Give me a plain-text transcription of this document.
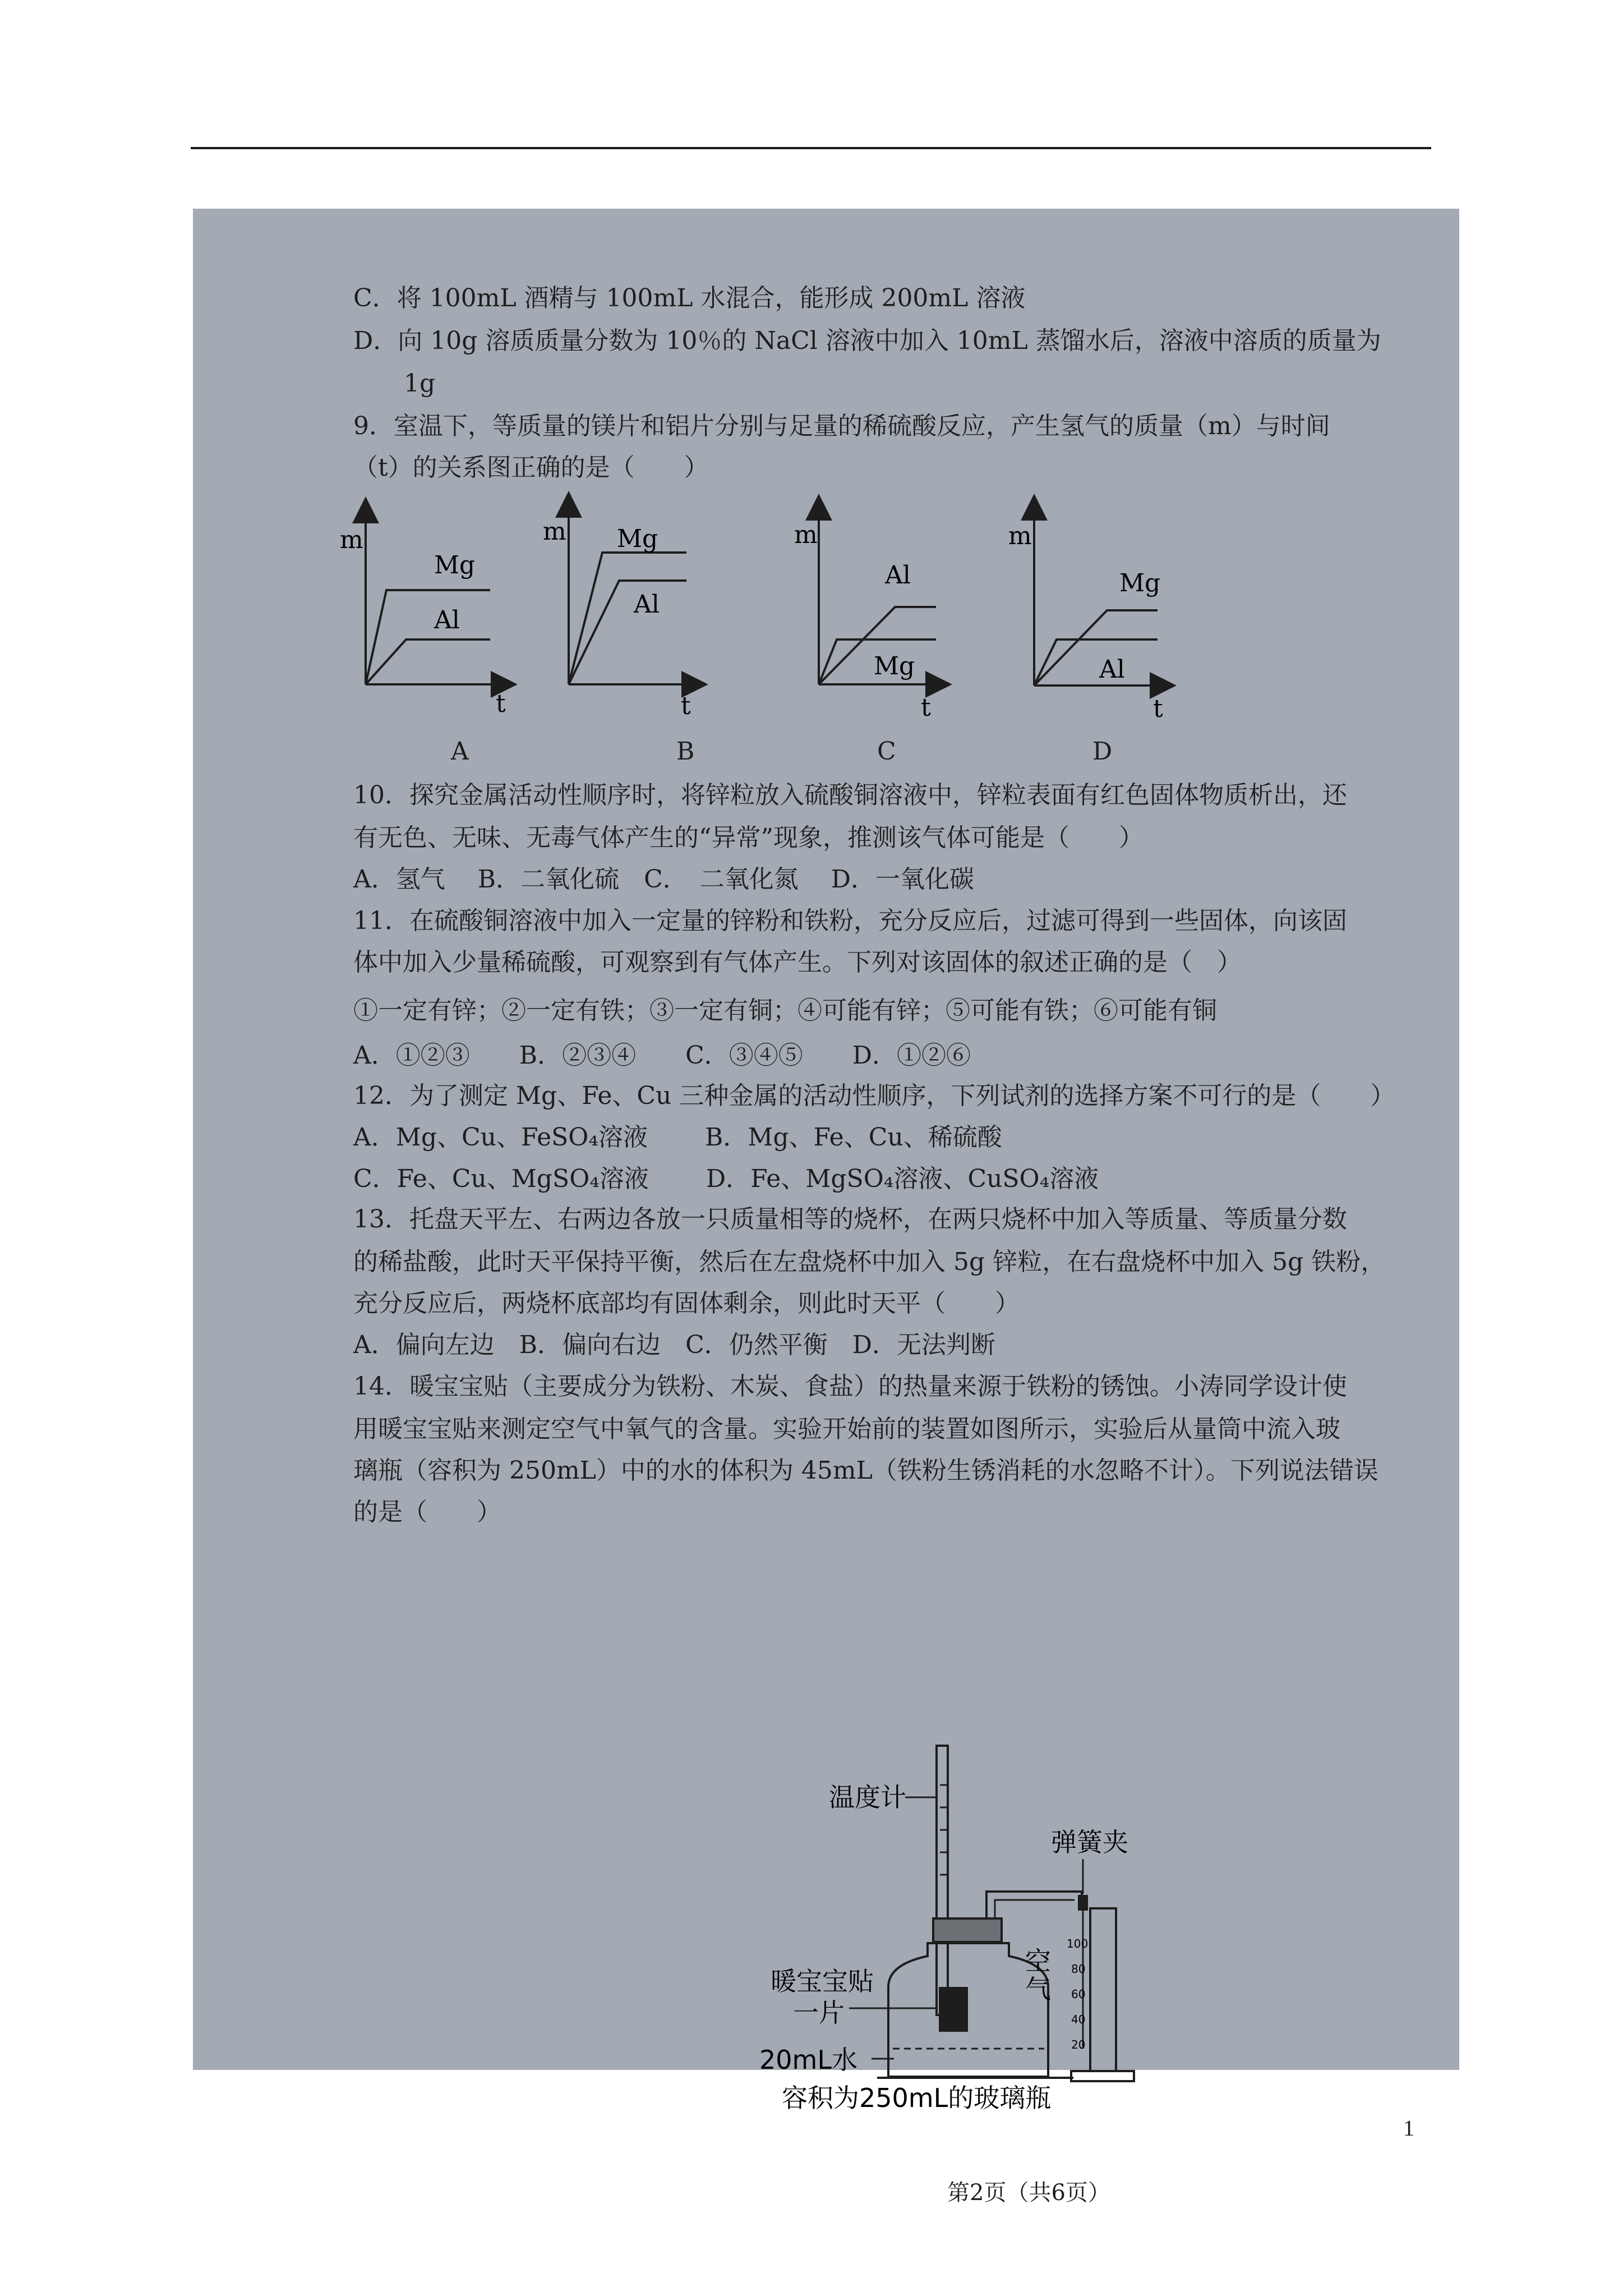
C．将 100mL 酒精与 100mL 水混合，能形成 200mL 溶液
D．向 10g 溶质质量分数为 10％的 NaCl 溶液中加入 10mL 蒸馏水后，溶液中溶质的质量为
1g
9．室温下，等质量的镁片和铝片分别与足量的稀硫酸反应，产生氢气的质量（m）与时间
（t）的关系图正确的是（　　）
m
t
Mg
Al
A
m
t
Mg
Al
B
m
t
Al
Mg
C
m
t
Mg
Al
D
10．探究金属活动性顺序时，将锌粒放入硫酸铜溶液中，锌粒表面有红色固体物质析出，还
有无色、无味、无毒气体产生的“异常”现象，推测该气体可能是（　　）
A．氢气　 B．二氧化硫　C．　二氧化氮　 D．一氧化碳
11．在硫酸铜溶液中加入一定量的锌粉和铁粉，充分反应后，过滤可得到一些固体，向该固
体中加入少量稀硫酸，可观察到有气体产生。下列对该固体的叙述正确的是（　）
①一定有锌；②一定有铁；③一定有铜；④可能有锌；⑤可能有铁；⑥可能有铜
A．①②③　　B．②③④　　C．③④⑤　　D．①②⑥
12．为了测定 Mg、Fe、Cu 三种金属的活动性顺序，下列试剂的选择方案不可行的是（　　）
A．Mg、Cu、FeSO₄溶液　　 B．Mg、Fe、Cu、稀硫酸
C．Fe、Cu、MgSO₄溶液　　 D．Fe、MgSO₄溶液、CuSO₄溶液
13．托盘天平左、右两边各放一只质量相等的烧杯，在两只烧杯中加入等质量、等质量分数
的稀盐酸，此时天平保持平衡，然后在左盘烧杯中加入 5g 锌粒，在右盘烧杯中加入 5g 铁粉，
充分反应后，两烧杯底部均有固体剩余，则此时天平（　　）
A．偏向左边　B．偏向右边　C．仍然平衡　D．无法判断
14．暖宝宝贴（主要成分为铁粉、木炭、食盐）的热量来源于铁粉的锈蚀。小涛同学设计使
用暖宝宝贴来测定空气中氧气的含量。实验开始前的装置如图所示，实验后从量筒中流入玻
璃瓶（容积为 250mL）中的水的体积为 45mL（铁粉生锈消耗的水忽略不计）。下列说法错误
的是（　　）
温度计
弹簧夹
100
80
60
40
20
空
气
暖宝宝贴
一片
20mL水
容积为250mL的玻璃瓶
第2页（共6页）
1
